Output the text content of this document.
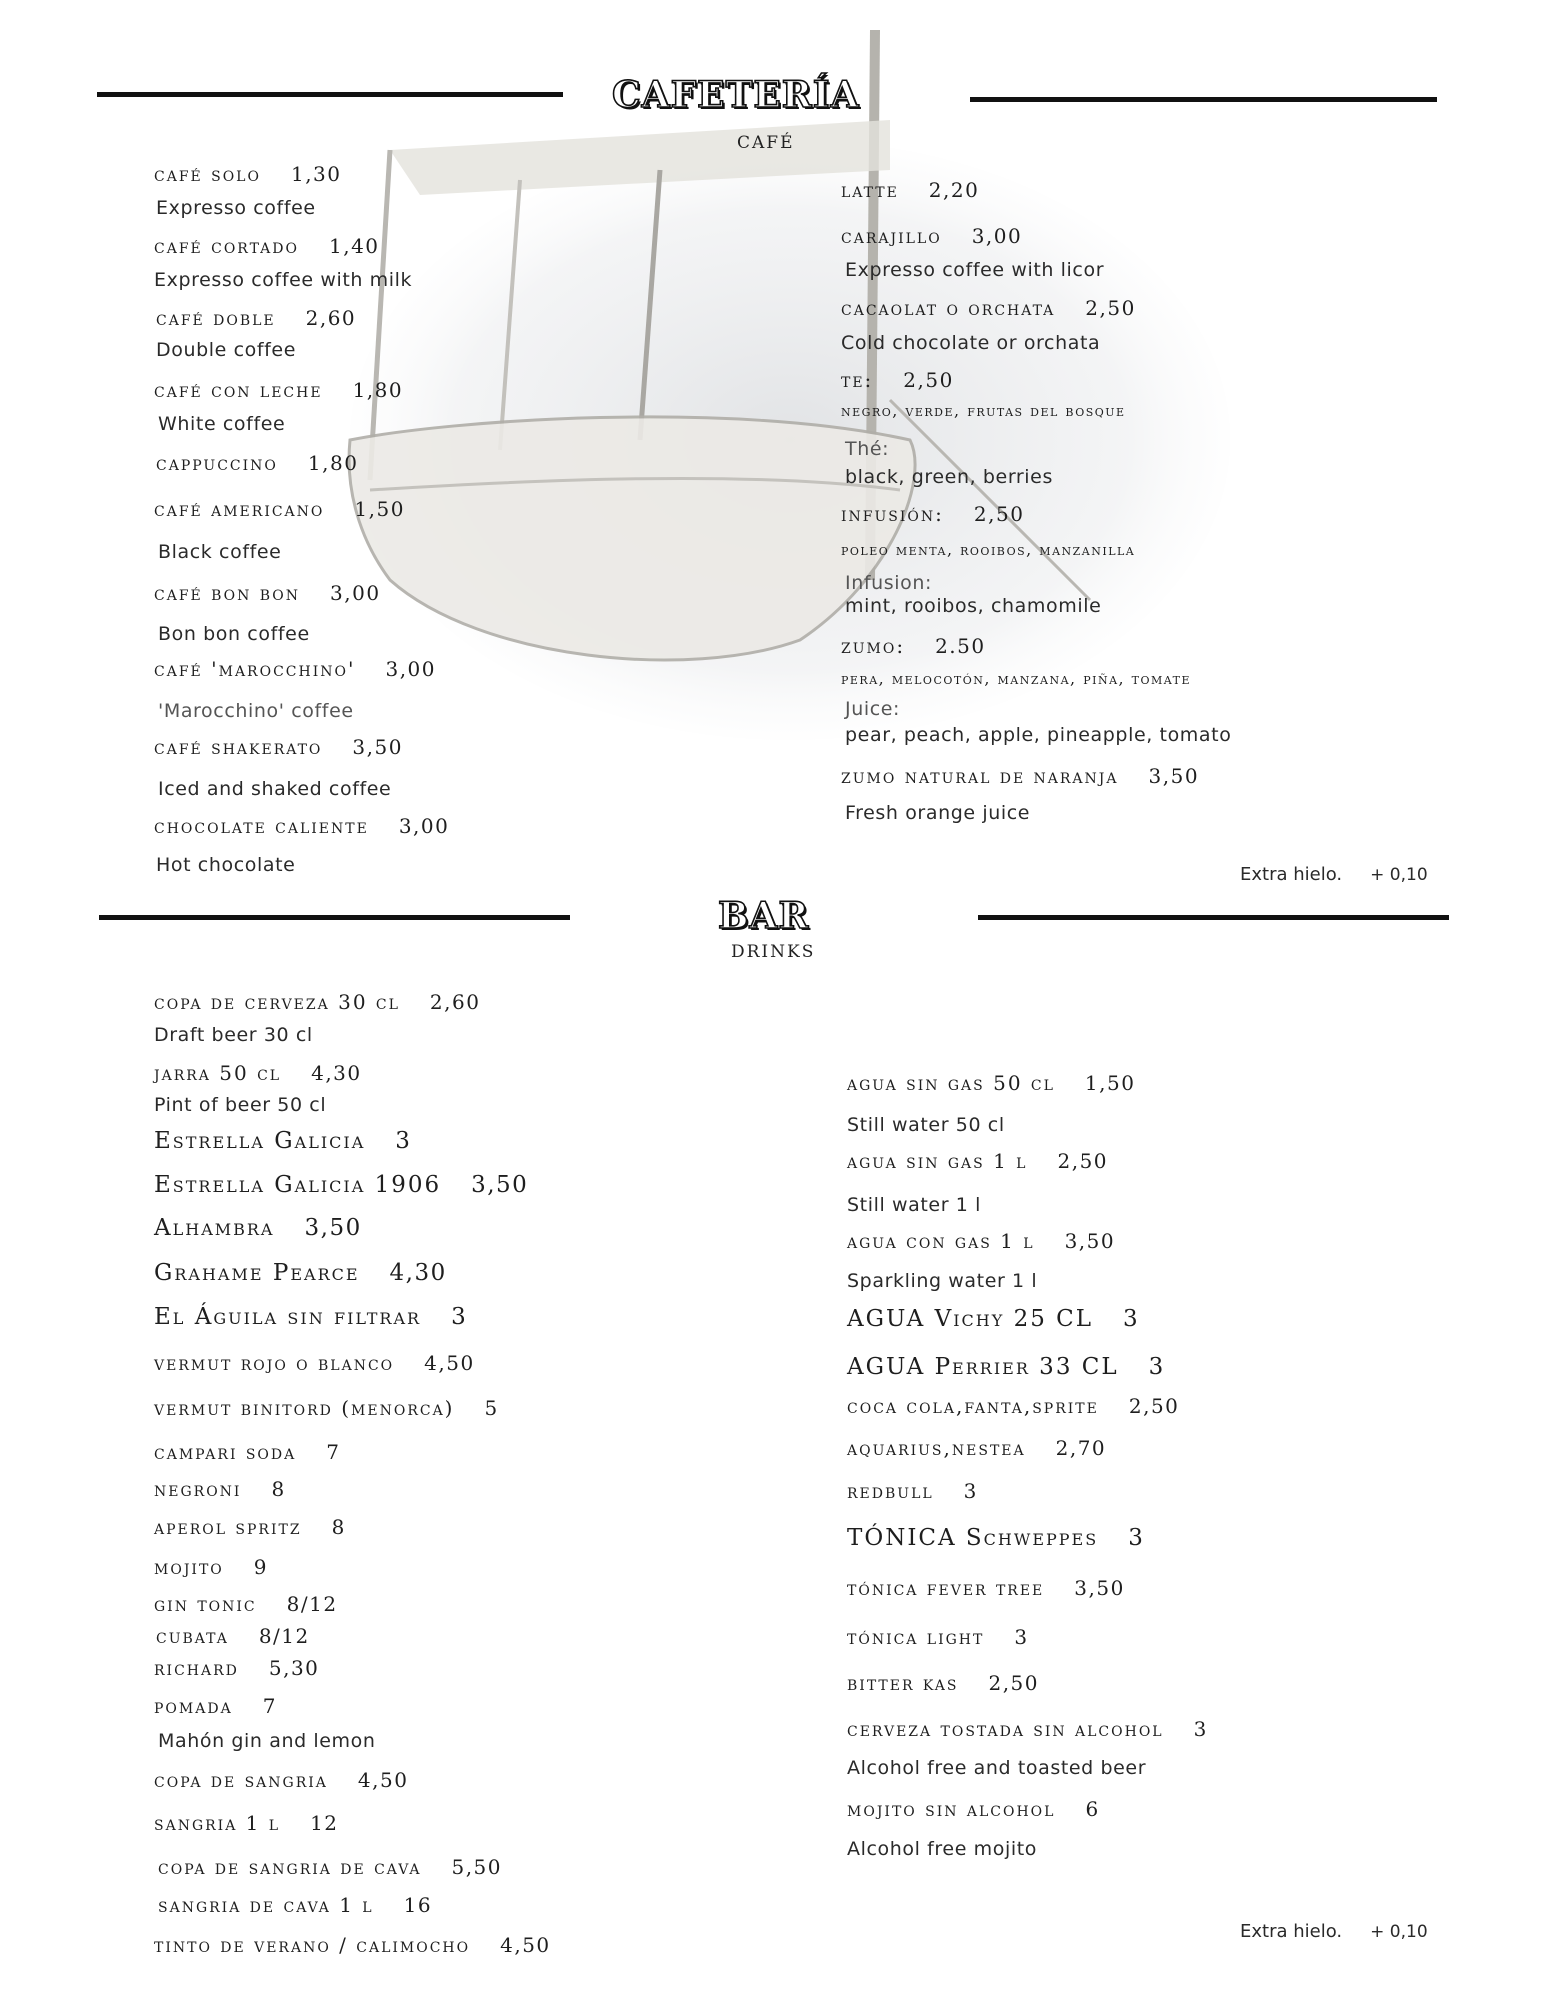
CAFETERÍA
CAFÉ
café solo 1,30
Expresso coffee
café cortado 1,40
Expresso coffee with milk
café doble 2,60
Double coffee
café con leche 1,80
White coffee
cappuccino 1,80
café americano 1,50
Black coffee
café bon bon 3,00
Bon bon coffee
café 'marocchino' 3,00
'Marocchino' coffee
café shakerato 3,50
Iced and shaked coffee
chocolate caliente 3,00
Hot chocolate
latte 2,20
carajillo 3,00
Expresso coffee with licor
cacaolat o orchata 2,50
Cold chocolate or orchata
te: 2,50
negro, verde, frutas del bosque
Thé:
black, green, berries
infusión: 2,50
poleo menta, rooibos, manzanilla
Infusion:
mint, rooibos, chamomile
zumo: 2.50
pera, melocotón, manzana, piña, tomate
Juice:
pear, peach, apple, pineapple, tomato
zumo natural de naranja 3,50
Fresh orange juice
Extra hielo. + 0,10
BAR
DRINKS
copa de cerveza 30 cl 2,60
Draft beer 30 cl
jarra 50 cl 4,30
Pint of beer 50 cl
Estrella Galicia 3
Estrella Galicia 1906 3,50
Alhambra 3,50
Grahame Pearce 4,30
El Águila sin filtrar 3
vermut rojo o blanco 4,50
vermut binitord (menorca) 5
campari soda 7
negroni 8
aperol spritz 8
mojito 9
gin tonic 8/12
cubata 8/12
richard 5,30
pomada 7
Mahón gin and lemon
copa de sangria 4,50
sangria 1 l 12
copa de sangria de cava 5,50
sangria de cava 1 l 16
tinto de verano / calimocho 4,50
agua sin gas 50 cl 1,50
Still water 50 cl
agua sin gas 1 l 2,50
Still water 1 l
agua con gas 1 l 3,50
Sparkling water 1 l
AGUA Vichy 25 CL 3
AGUA Perrier 33 CL 3
coca cola,fanta,sprite 2,50
aquarius,nestea 2,70
redbull 3
TÓNICA Schweppes 3
tónica fever tree 3,50
tónica light 3
bitter kas 2,50
cerveza tostada sin alcohol 3
Alcohol free and toasted beer
mojito sin alcohol 6
Alcohol free mojito
Extra hielo. + 0,10
